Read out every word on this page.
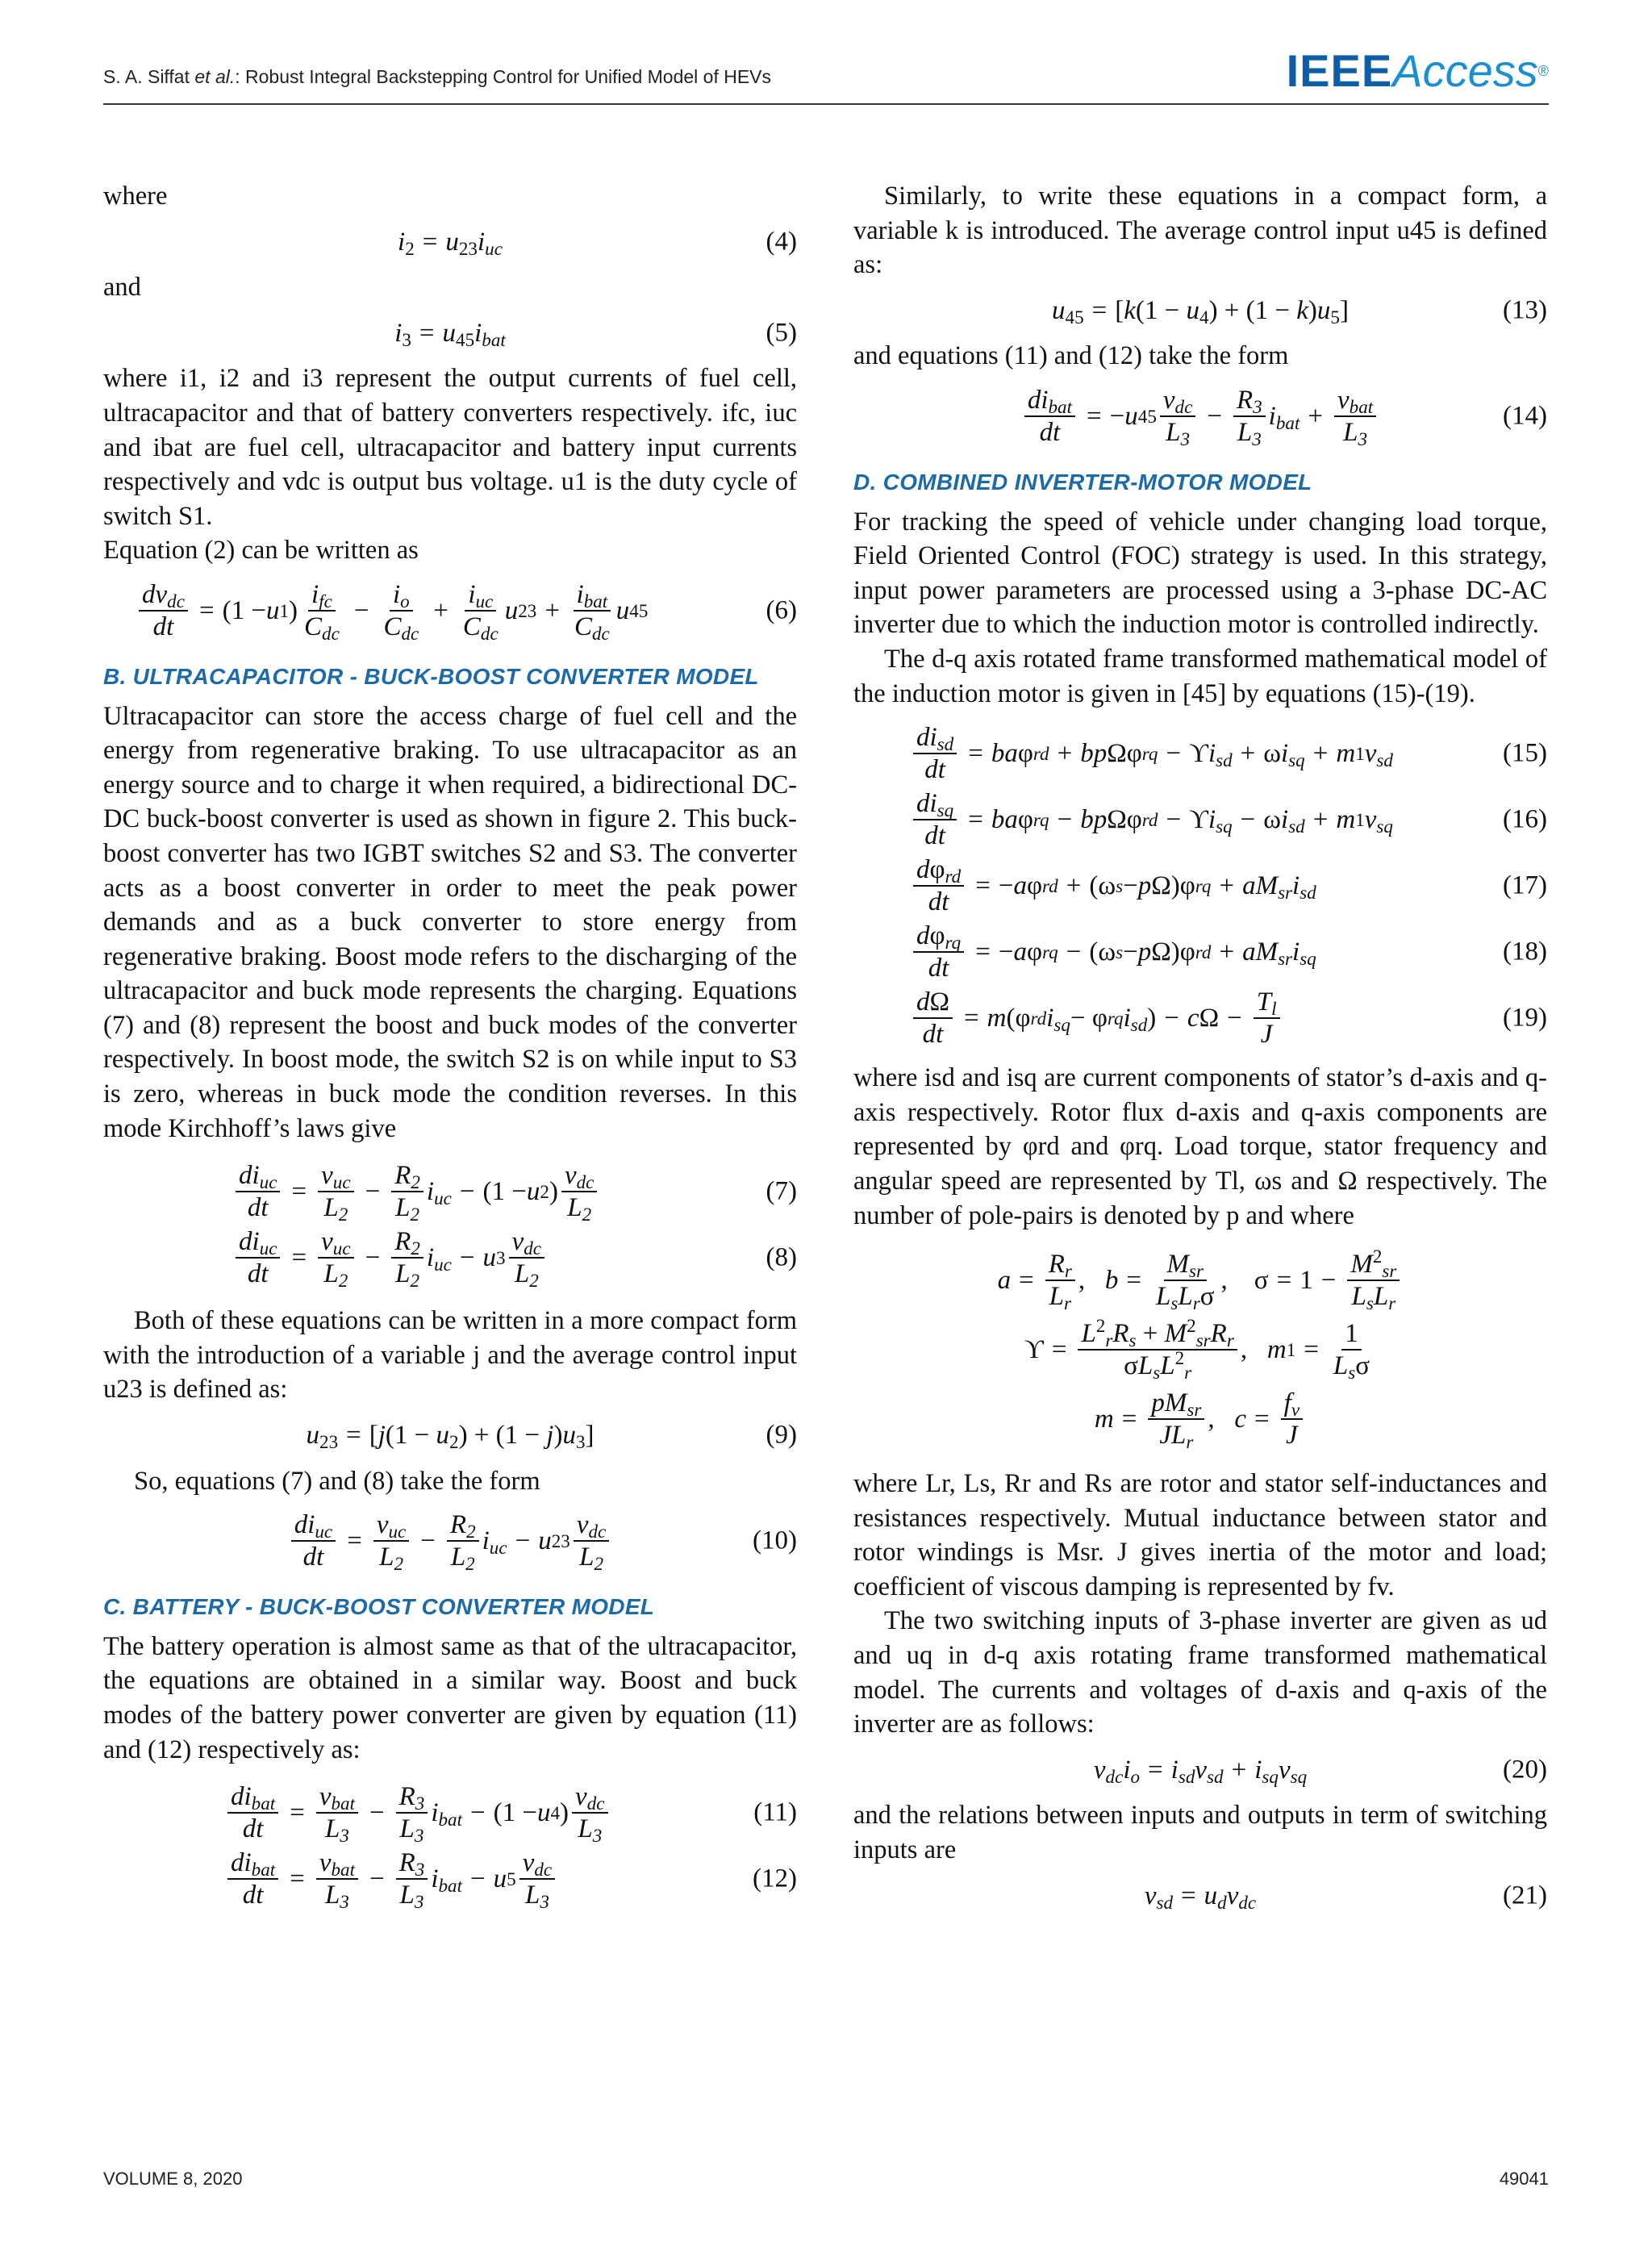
S. A. Siffat et al.: Robust Integral Backstepping Control for Unified Model of HEVs	IEEEAccess®

where

$i_2 = u_{23}i_{uc}$	(4)

and

$i_3 = u_{45}i_{bat}$	(5)

where i1, i2 and i3 represent the output currents of fuel cell, ultracapacitor and that of battery converters respectively. ifc, iuc and ibat are fuel cell, ultracapacitor and battery input currents respectively and vdc is output bus voltage. u1 is the duty cycle of switch S1.

Equation (2) can be written as

$\frac{dv_{dc}}{dt} = (1 - u$ 1 ) $\frac{i_{fc}}{C_{dc}} - \frac{i_o}{C_{dc}} + \frac{i_{uc}}{C_{dc}}$ u $23 + \frac{i_{bat}}{C_{dc}}$ u 45	(6)
B. ULTRACAPACITOR - BUCK-BOOST CONVERTER MODEL

Ultracapacitor can store the access charge of fuel cell and the energy from regenerative braking. To use ultracapacitor as an energy source and to charge it when required, a bidirectional DC-DC buck-boost converter is used as shown in figure 2. This buck-boost converter has two IGBT switches S2 and S3. The converter acts as a boost converter in order to meet the peak power demands and as a buck converter to store energy from regenerative braking. Boost mode refers to the discharging of the ultracapacitor and buck mode represents the charging. Equations (7) and (8) represent the boost and buck modes of the converter respectively. In boost mode, the switch S2 is on while input to S3 is zero, whereas in buck mode the condition reverses. In this mode Kirchhoff’s laws give

$\frac{di_{uc}}{dt} = \frac{v_{uc}}{L_2} - \frac{R_2}{L_2} i_{uc} - (1 - u$ 2 ) $\frac{v_{dc}}{L_2}$	(7)
$\frac{di_{uc}}{dt} = \frac{v_{uc}}{L_2} - \frac{R_2}{L_2} i_{uc} - u$ $3 \frac{v_{dc}}{L_2}$	(8)

Both of these equations can be written in a more compact form with the introduction of a variable j and the average control input u23 is defined as:

$u_{23} = [j(1 - u_2) + (1 - j)u_3]$	(9)

So, equations (7) and (8) take the form

$\frac{di_{uc}}{dt} = \frac{v_{uc}}{L_2} - \frac{R_2}{L_2} i_{uc} - u$ $23 \frac{v_{dc}}{L_2}$	(10)
C. BATTERY - BUCK-BOOST CONVERTER MODEL

The battery operation is almost same as that of the ultracapacitor, the equations are obtained in a similar way. Boost and buck modes of the battery power converter are given by equation (11) and (12) respectively as:

$\frac{di_{bat}}{dt} = \frac{v_{bat}}{L_3} - \frac{R_3}{L_3} i_{bat} - (1 - u$ 4 ) $\frac{v_{dc}}{L_3}$	(11)
$\frac{di_{bat}}{dt} = \frac{v_{bat}}{L_3} - \frac{R_3}{L_3} i_{bat} - u$ $5 \frac{v_{dc}}{L_3}$	(12)

Similarly, to write these equations in a compact form, a variable k is introduced. The average control input u45 is defined as:

$u_{45} = [k(1 - u_4) + (1 - k)u_5]$	(13)

and equations (11) and (12) take the form

$\frac{di_{bat}}{dt}$ = − u $45 \frac{v_{dc}}{L_3} - \frac{R_3}{L_3} i_{bat} + \frac{v_{bat}}{L_3}$	(14)
D. COMBINED INVERTER-MOTOR MODEL

For tracking the speed of vehicle under changing load torque, Field Oriented Control (FOC) strategy is used. In this strategy, input power parameters are processed using a 3-phase DC-AC inverter due to which the induction motor is controlled indirectly.

The d-q axis rotated frame transformed mathematical model of the induction motor is given in [45] by equations (15)-(19).

$\frac{di_{sd}}{dt}$ = ba φ rd + bp Ωφ rq − ϒ $i_{sd} + \omega$ $i_{sq} + m$ 1 $v_{sd}$	(15)
$\frac{di_{sq}}{dt}$ = ba φ rq − bp Ωφ rd − ϒ $i_{sq} - \omega$ $i_{sd} + m$ 1 $v_{sq}$	(16)
$\frac{d\varphi_{rd}}{dt}$ = − a φ rd + (ω s − p Ω)φ rq + $aM_{sr}i_{sd}$	(17)
$\frac{d\varphi_{rq}}{dt}$ = − a φ rq − (ω s − p Ω)φ rd + $aM_{sr}i_{sq}$	(18)
$\frac{d\Omega}{dt} = m$ (φ rd $i_{sq} - \varphi$ rq $i_{sd}$ ) − c $\Omega - \frac{T_l}{J}$	(19)

where isd and isq are current components of stator’s d-axis and q-axis respectively. Rotor flux d-axis and q-axis components are represented by φrd and φrq. Load torque, stator frequency and angular speed are represented by Tl, ωs and Ω respectively. The number of pole-pairs is denoted by p and where

$a = \frac{R_r}{L_r}$ , $b = \frac{M_{sr}}{L_sL_r\sigma}$ ,    $\sigma = 1 - \frac{M^2_{sr}}{L_sL_r}$
$ϒ = \frac{L^2_rR_s + M^2_{sr}R_r}{\sigma L_sL^2_r}$ , m $1 = \frac{1}{L_s\sigma}$
$m = \frac{pM_{sr}}{JL_r}$ , $c = \frac{f_v}{J}$

where Lr, Ls, Rr and Rs are rotor and stator self-inductances and resistances respectively. Mutual inductance between stator and rotor windings is Msr. J gives inertia of the motor and load; coefficient of viscous damping is represented by fv.

The two switching inputs of 3-phase inverter are given as ud and uq in d-q axis rotating frame transformed mathematical model. The currents and voltages of d-axis and q-axis of the inverter are as follows:

$v_{dc}i_o = i_{sd}v_{sd} + i_{sq}v_{sq}$	(20)

and the relations between inputs and outputs in term of switching inputs are

$v_{sd} = u_dv_{dc}$	(21)
VOLUME 8, 2020	49041
